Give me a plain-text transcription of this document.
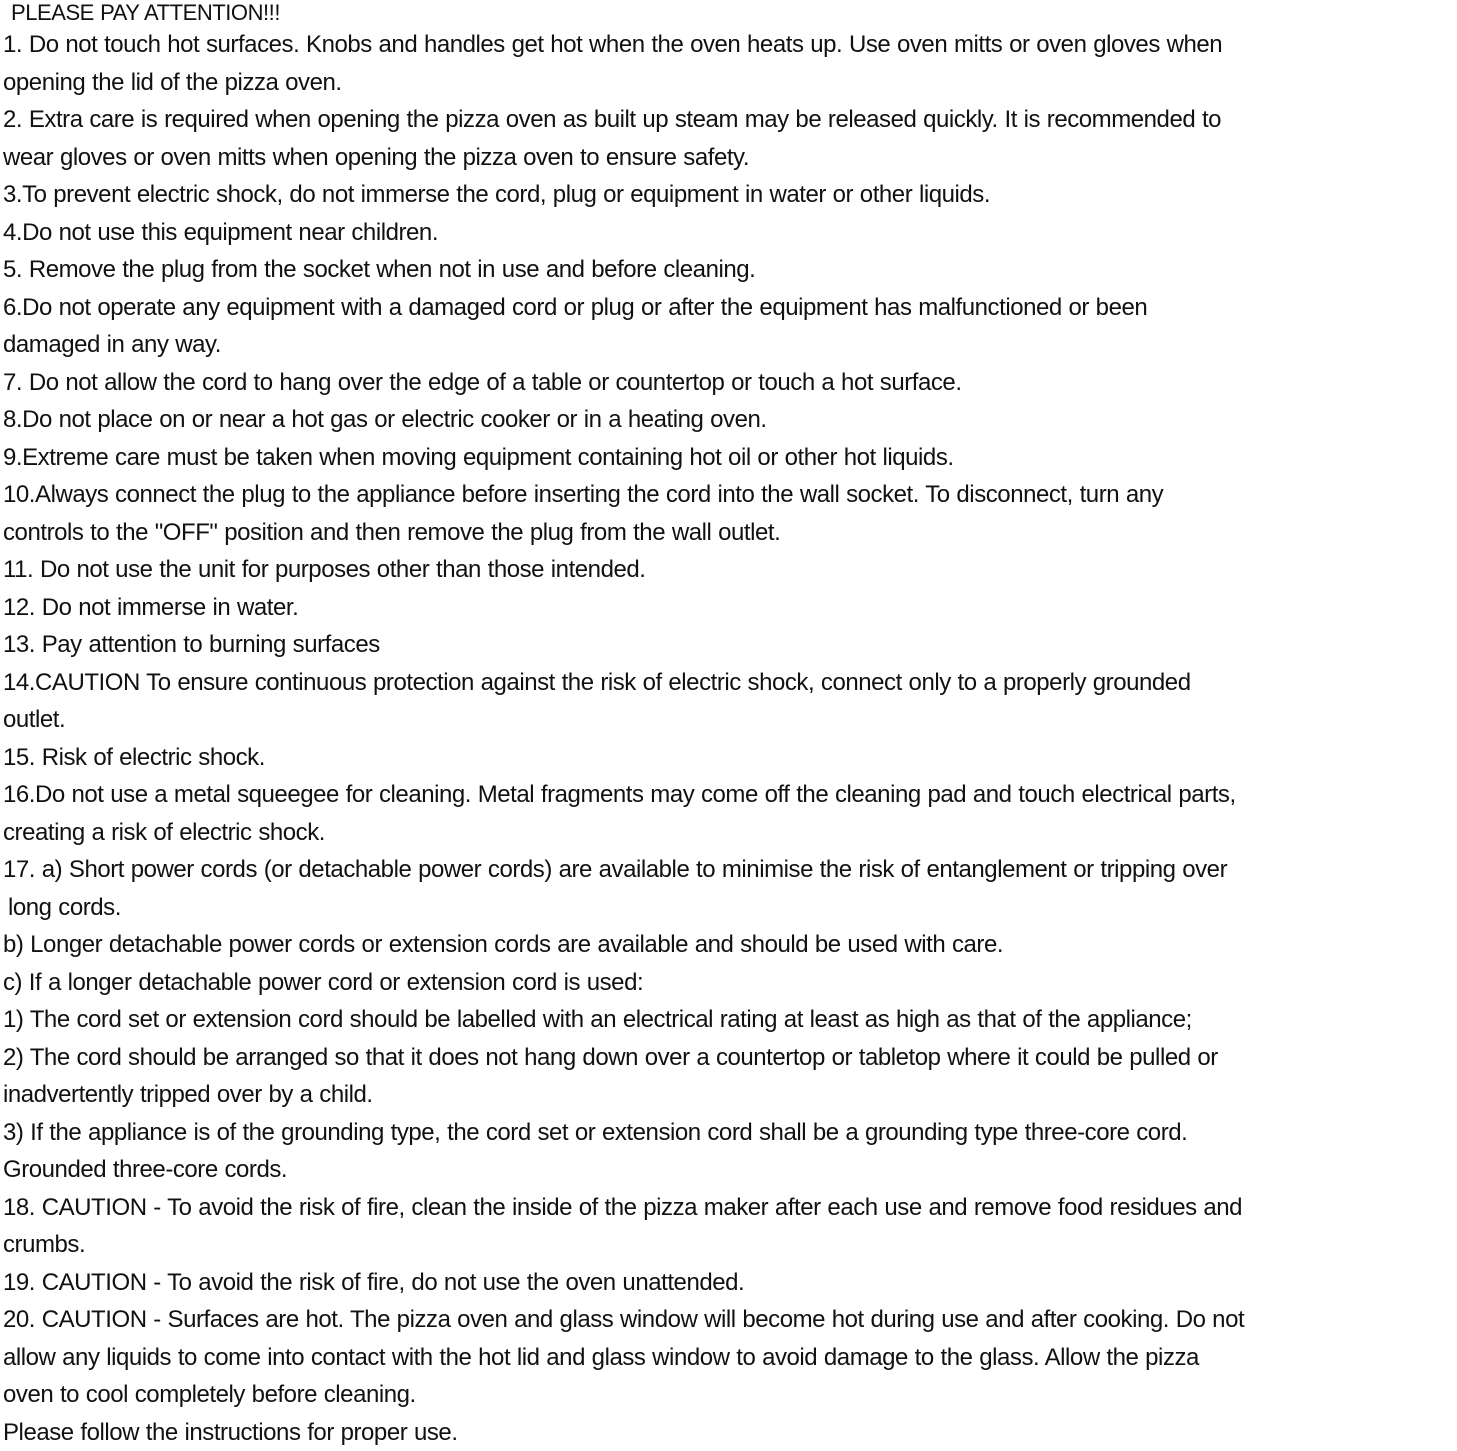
PLEASE PAY ATTENTION!!!
1. Do not touch hot surfaces. Knobs and handles get hot when the oven heats up. Use oven mitts or oven gloves when
opening the lid of the pizza oven.
2. Extra care is required when opening the pizza oven as built up steam may be released quickly. It is recommended to
wear gloves or oven mitts when opening the pizza oven to ensure safety.
3.To prevent electric shock, do not immerse the cord, plug or equipment in water or other liquids.
4.Do not use this equipment near children.
5. Remove the plug from the socket when not in use and before cleaning.
6.Do not operate any equipment with a damaged cord or plug or after the equipment has malfunctioned or been
damaged in any way.
7. Do not allow the cord to hang over the edge of a table or countertop or touch a hot surface.
8.Do not place on or near a hot gas or electric cooker or in a heating oven.
9.Extreme care must be taken when moving equipment containing hot oil or other hot liquids.
10.Always connect the plug to the appliance before inserting the cord into the wall socket. To disconnect, turn any
controls to the "OFF" position and then remove the plug from the wall outlet.
11. Do not use the unit for purposes other than those intended.
12. Do not immerse in water.
13. Pay attention to burning surfaces
14.CAUTION To ensure continuous protection against the risk of electric shock, connect only to a properly grounded
outlet.
15. Risk of electric shock.
16.Do not use a metal squeegee for cleaning. Metal fragments may come off the cleaning pad and touch electrical parts,
creating a risk of electric shock.
17. a) Short power cords (or detachable power cords) are available to minimise the risk of entanglement or tripping over
long cords.
b) Longer detachable power cords or extension cords are available and should be used with care.
c) If a longer detachable power cord or extension cord is used:
1) The cord set or extension cord should be labelled with an electrical rating at least as high as that of the appliance;
2) The cord should be arranged so that it does not hang down over a countertop or tabletop where it could be pulled or
inadvertently tripped over by a child.
3) If the appliance is of the grounding type, the cord set or extension cord shall be a grounding type three-core cord.
Grounded three-core cords.
18. CAUTION - To avoid the risk of fire, clean the inside of the pizza maker after each use and remove food residues and
crumbs.
19. CAUTION - To avoid the risk of fire, do not use the oven unattended.
20. CAUTION - Surfaces are hot. The pizza oven and glass window will become hot during use and after cooking. Do not
allow any liquids to come into contact with the hot lid and glass window to avoid damage to the glass. Allow the pizza
oven to cool completely before cleaning.
Please follow the instructions for proper use.
